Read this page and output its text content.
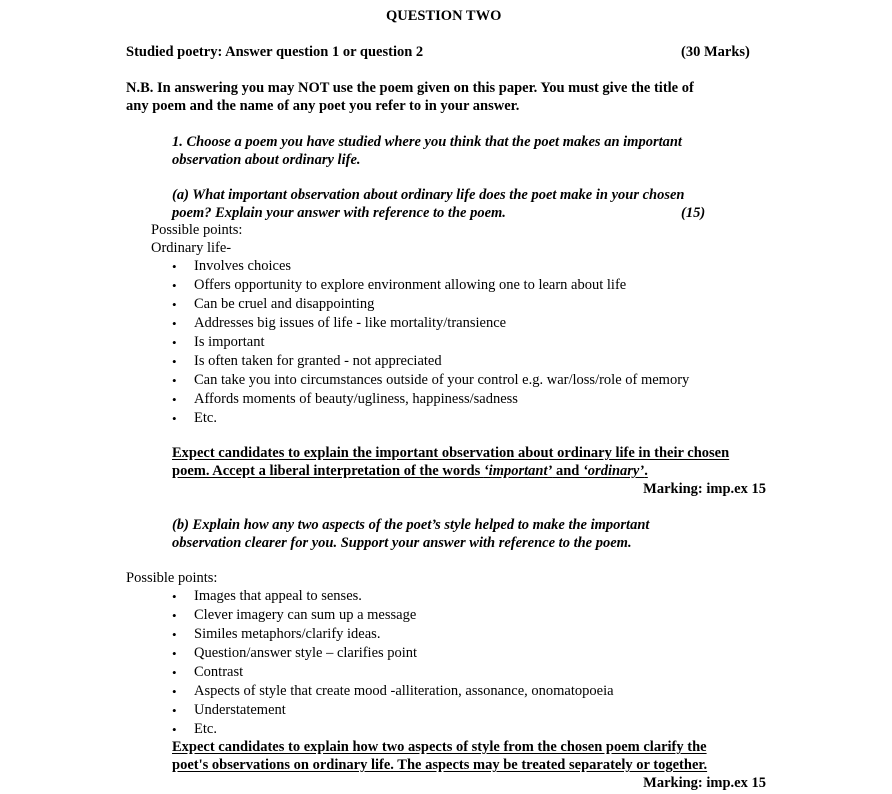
QUESTION TWO
Studied poetry: Answer question 1 or question 2	(30 Marks)
N.B. In answering you may NOT use the poem given on this paper. You must give the title of
any poem and the name of any poet you refer to in your answer.
1. Choose a poem you have studied where you think that the poet makes an important
observation about ordinary life.
(a) What important observation about ordinary life does the poet make in your chosen
poem? Explain your answer with reference to the poem.	(15)
Possible points:
Ordinary life-
• Involves choices
• Offers opportunity to explore environment allowing one to learn about life
• Can be cruel and disappointing
• Addresses big issues of life - like mortality/transience
• Is important
• Is often taken for granted - not appreciated
• Can take you into circumstances outside of your control e.g. war/loss/role of memory
• Affords moments of beauty/ugliness, happiness/sadness
• Etc.
Expect candidates to explain the important observation about ordinary life in their chosen
poem. Accept a liberal interpretation of the words ‘important’ and ‘ordinary’.
Marking: imp.ex 15
(b) Explain how any two aspects of the poet’s style helped to make the important
observation clearer for you. Support your answer with reference to the poem.
Possible points:
• Images that appeal to senses.
• Clever imagery can sum up a message
• Similes metaphors/clarify ideas.
• Question/answer style – clarifies point
• Contrast
• Aspects of style that create mood -alliteration, assonance, onomatopoeia
• Understatement
• Etc.
Expect candidates to explain how two aspects of style from the chosen poem clarify the
poet's observations on ordinary life. The aspects may be treated separately or together.
Marking: imp.ex 15
